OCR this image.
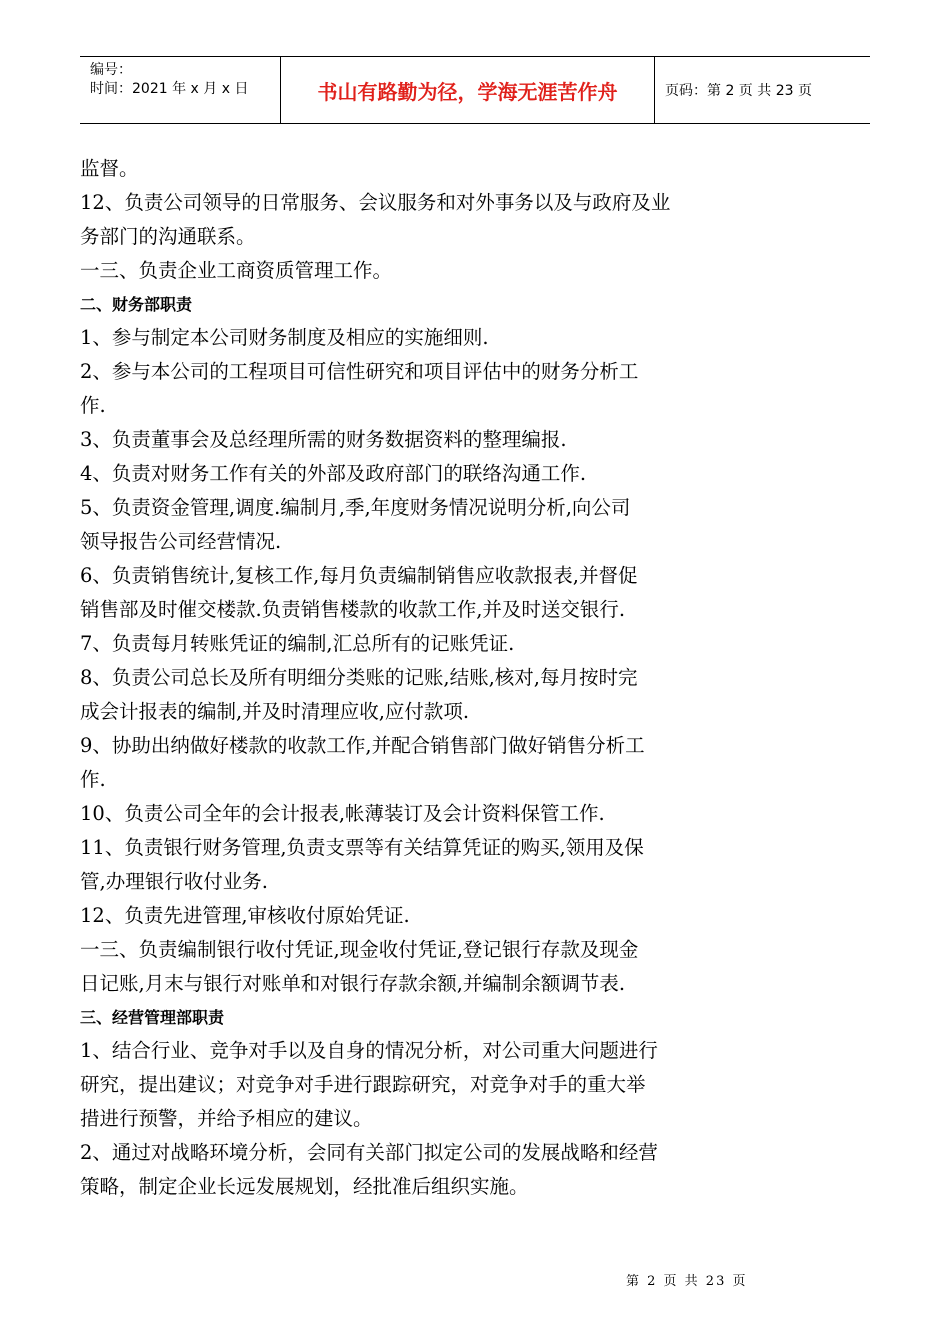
编号：
时间：2021 年 x 月 x 日	书山有路勤为径，学海无涯苦作舟	页码：第 2 页 共 23 页
监督。
12、负责公司领导的日常服务、会议服务和对外事务以及与政府及业
务部门的沟通联系。
一三、负责企业工商资质管理工作。
二、财务部职责
1、参与制定本公司财务制度及相应的实施细则.
2、参与本公司的工程项目可信性研究和项目评估中的财务分析工
作.
3、负责董事会及总经理所需的财务数据资料的整理编报.
4、负责对财务工作有关的外部及政府部门的联络沟通工作.
5、负责资金管理,调度.编制月,季,年度财务情况说明分析,向公司
领导报告公司经营情况.
6、负责销售统计,复核工作,每月负责编制销售应收款报表,并督促
销售部及时催交楼款.负责销售楼款的收款工作,并及时送交银行.
7、负责每月转账凭证的编制,汇总所有的记账凭证.
8、负责公司总长及所有明细分类账的记账,结账,核对,每月按时完
成会计报表的编制,并及时清理应收,应付款项.
9、协助出纳做好楼款的收款工作,并配合销售部门做好销售分析工
作.
10、负责公司全年的会计报表,帐薄装订及会计资料保管工作.
11、负责银行财务管理,负责支票等有关结算凭证的购买,领用及保
管,办理银行收付业务.
12、负责先进管理,审核收付原始凭证.
一三、负责编制银行收付凭证,现金收付凭证,登记银行存款及现金
日记账,月末与银行对账单和对银行存款余额,并编制余额调节表.
三、经营管理部职责
1、结合行业、竞争对手以及自身的情况分析，对公司重大问题进行
研究，提出建议；对竞争对手进行跟踪研究，对竞争对手的重大举
措进行预警，并给予相应的建议。
2、通过对战略环境分析，会同有关部门拟定公司的发展战略和经营
策略，制定企业长远发展规划，经批准后组织实施。
第 2 页 共 23 页
